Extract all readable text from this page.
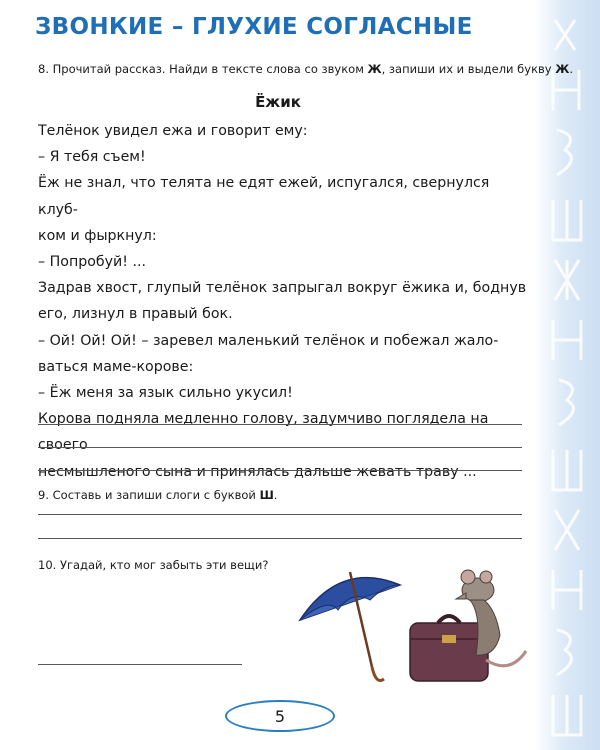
ЗВОНКИЕ – ГЛУХИЕ СОГЛАСНЫЕ
8. Прочитай рассказ. Найди в тексте слова со звуком Ж, запиши их и выдели букву Ж.
Ёжик

Телёнок увидел ежа и говорит ему:

– Я тебя съем!

Ёж не знал, что телята не едят ежей, испугался, свернулся клуб-

ком и фыркнул:

– Попробуй! ...

Задрав хвост, глупый телёнок запрыгал вокруг ёжика и, боднув

его, лизнул в правый бок.

– Ой! Ой! Ой! – заревел маленький телёнок и побежал жало-

ваться маме-корове:

– Ёж меня за язык сильно укусил!

Корова подняла медленно голову, задумчиво поглядела на своего

несмышленого сына и принялась дальше жевать траву ...

9. Составь и запиши слоги с буквой Ш.
10. Угадай, кто мог забыть эти вещи?
5
